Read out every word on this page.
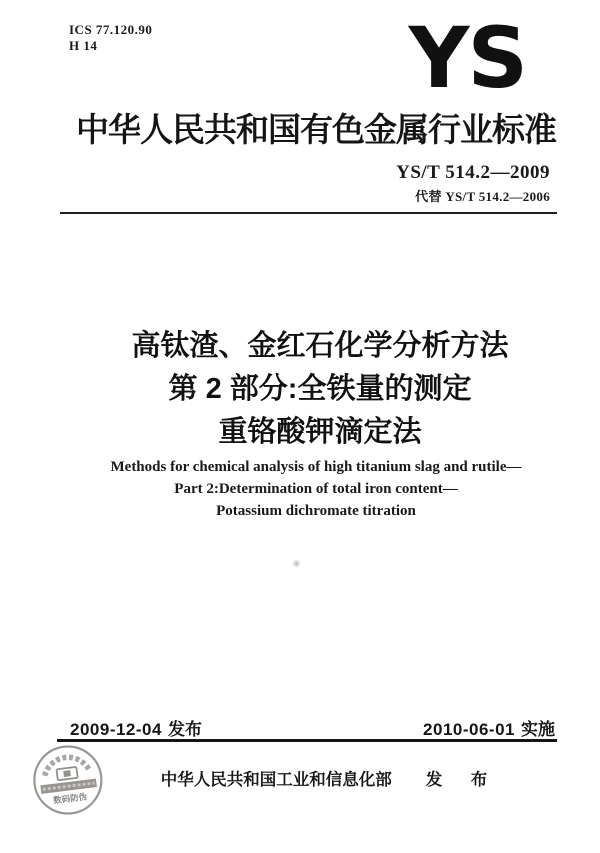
ICS 77.120.90
H 14	YS
中华人民共和国有色金属行业标准
YS/T 514.2—2009
代替 YS/T 514.2—2006
高钛渣、金红石化学分析方法
第 2 部分:全铁量的测定
重铬酸钾滴定法
Methods for chemical analysis of high titanium slag and rutile—
Part 2:Determination of total iron content—
Potassium dichromate titration
2009-12-04 发布	2010-06-01 实施
中华人民共和国工业和信息化部 发　布
数码防伪
